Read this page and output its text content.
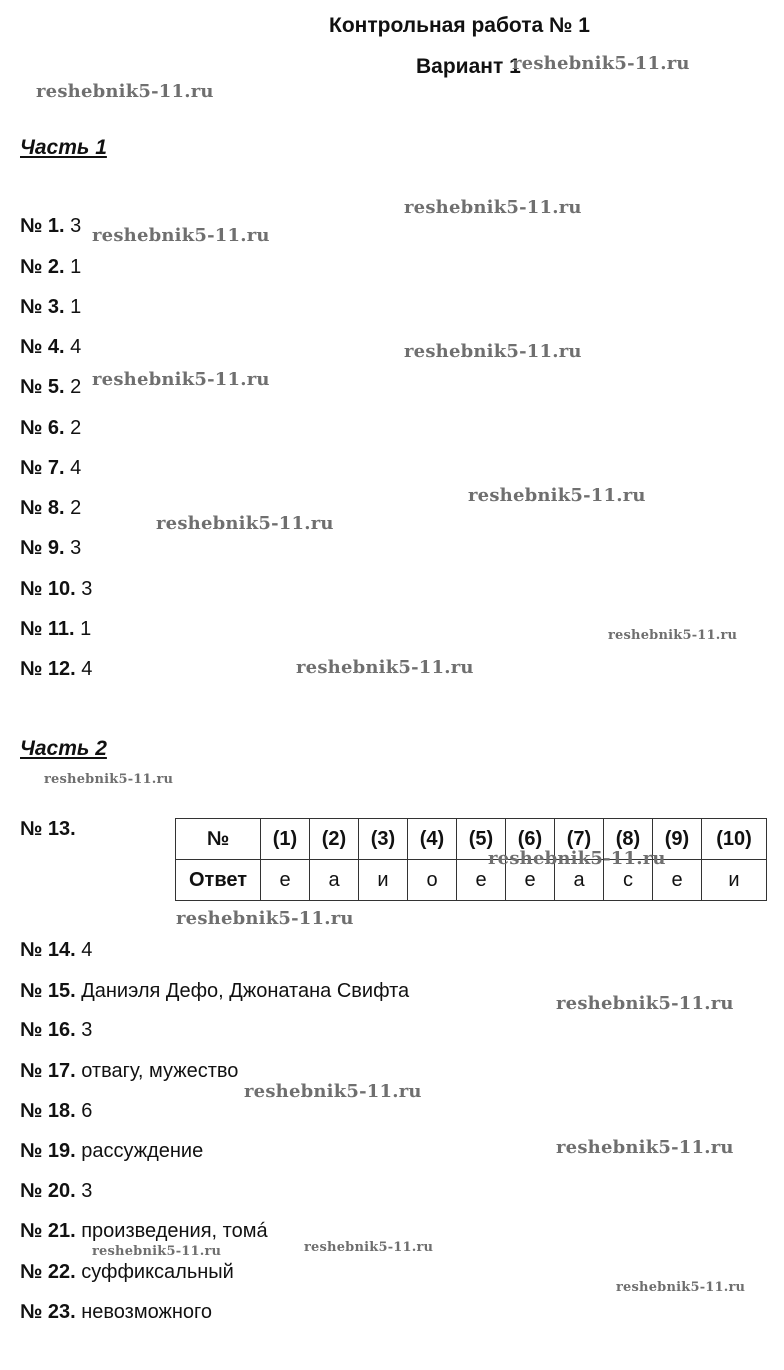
Контрольная работа № 1
Вариант 1
Часть 1
№ 1. 3
№ 2. 1
№ 3. 1
№ 4. 4
№ 5. 2
№ 6. 2
№ 7. 4
№ 8. 2
№ 9. 3
№ 10. 3
№ 11. 1
№ 12. 4
Часть 2
№ 13.	№	(1)	(2)	(3)	(4)	(5)	(6)	(7)	(8)	(9)	(10)
Ответ	е	а	и	о	е	е	а	с	е	и
№ 14. 4
№ 15. Даниэля Дефо, Джонатана Свифта
№ 16. 3
№ 17. отвагу, мужество
№ 18. 6
№ 19. рассуждение
№ 20. 3
№ 21. произведения, томá
№ 22. суффиксальный
№ 23. невозможного
reshebnik5-11.ru
reshebnik5-11.ru
reshebnik5-11.ru
reshebnik5-11.ru
reshebnik5-11.ru
reshebnik5-11.ru
reshebnik5-11.ru
reshebnik5-11.ru
reshebnik5-11.ru
reshebnik5-11.ru
reshebnik5-11.ru
reshebnik5-11.ru
reshebnik5-11.ru
reshebnik5-11.ru
reshebnik5-11.ru
reshebnik5-11.ru
reshebnik5-11.ru	reshebnik5-11.ru
reshebnik5-11.ru
